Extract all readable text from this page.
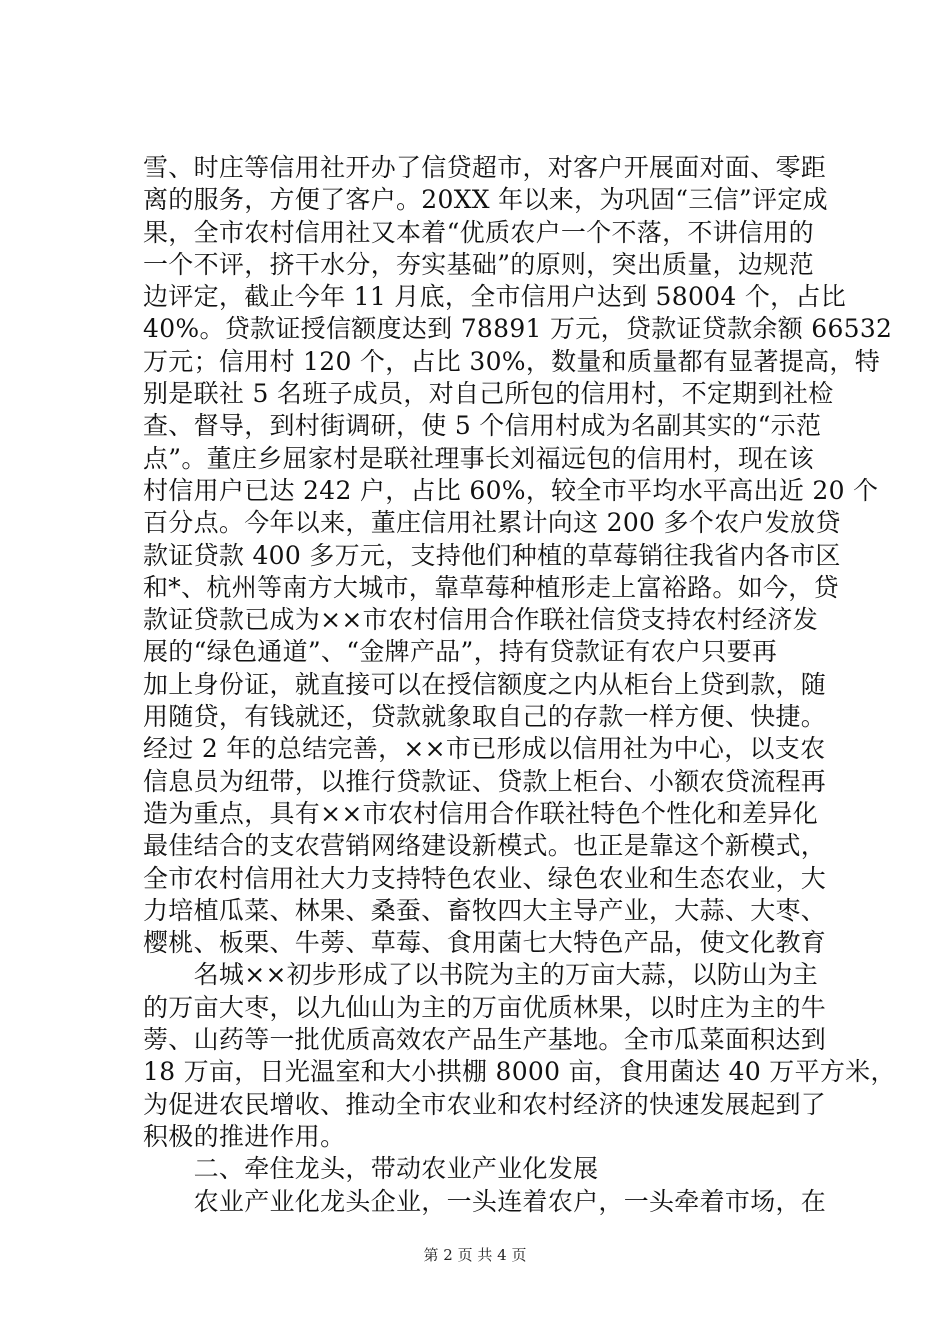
雪、时庄等信用社开办了信贷超市，对客户开展面对面、零距
离的服务，方便了客户。20XX 年以来，为巩固“三信”评定成
果，全市农村信用社又本着“优质农户一个不落，不讲信用的
一个不评，挤干水分，夯实基础”的原则，突出质量，边规范
边评定，截止今年 11 月底，全市信用户达到 58004 个，占比
40%。贷款证授信额度达到 78891 万元，贷款证贷款余额 66532
万元；信用村 120 个，占比 30%，数量和质量都有显著提高，特
别是联社 5 名班子成员，对自己所包的信用村，不定期到社检
查、督导，到村街调研，使 5 个信用村成为名副其实的“示范
点”。董庄乡屈家村是联社理事长刘福远包的信用村，现在该
村信用户已达 242 户，占比 60%，较全市平均水平高出近 20 个
百分点。今年以来，董庄信用社累计向这 200 多个农户发放贷
款证贷款 400 多万元，支持他们种植的草莓销往我省内各市区
和*、杭州等南方大城市，靠草莓种植形走上富裕路。如今，贷
款证贷款已成为××市农村信用合作联社信贷支持农村经济发
展的“绿色通道”、“金牌产品”，持有贷款证有农户只要再
加上身份证，就直接可以在授信额度之内从柜台上贷到款，随
用随贷，有钱就还，贷款就象取自己的存款一样方便、快捷。
经过 2 年的总结完善，××市已形成以信用社为中心，以支农
信息员为纽带，以推行贷款证、贷款上柜台、小额农贷流程再
造为重点，具有××市农村信用合作联社特色个性化和差异化
最佳结合的支农营销网络建设新模式。也正是靠这个新模式，
全市农村信用社大力支持特色农业、绿色农业和生态农业，大
力培植瓜菜、林果、桑蚕、畜牧四大主导产业，大蒜、大枣、
樱桃、板栗、牛蒡、草莓、食用菌七大特色产品，使文化教育
　　名城××初步形成了以书院为主的万亩大蒜，以防山为主
的万亩大枣，以九仙山为主的万亩优质林果，以时庄为主的牛
蒡、山药等一批优质高效农产品生产基地。全市瓜菜面积达到
18 万亩，日光温室和大小拱棚 8000 亩，食用菌达 40 万平方米，
为促进农民增收、推动全市农业和农村经济的快速发展起到了
积极的推进作用。
　　二、牵住龙头，带动农业产业化发展
　　农业产业化龙头企业，一头连着农户，一头牵着市场，在
第 2 页 共 4 页
